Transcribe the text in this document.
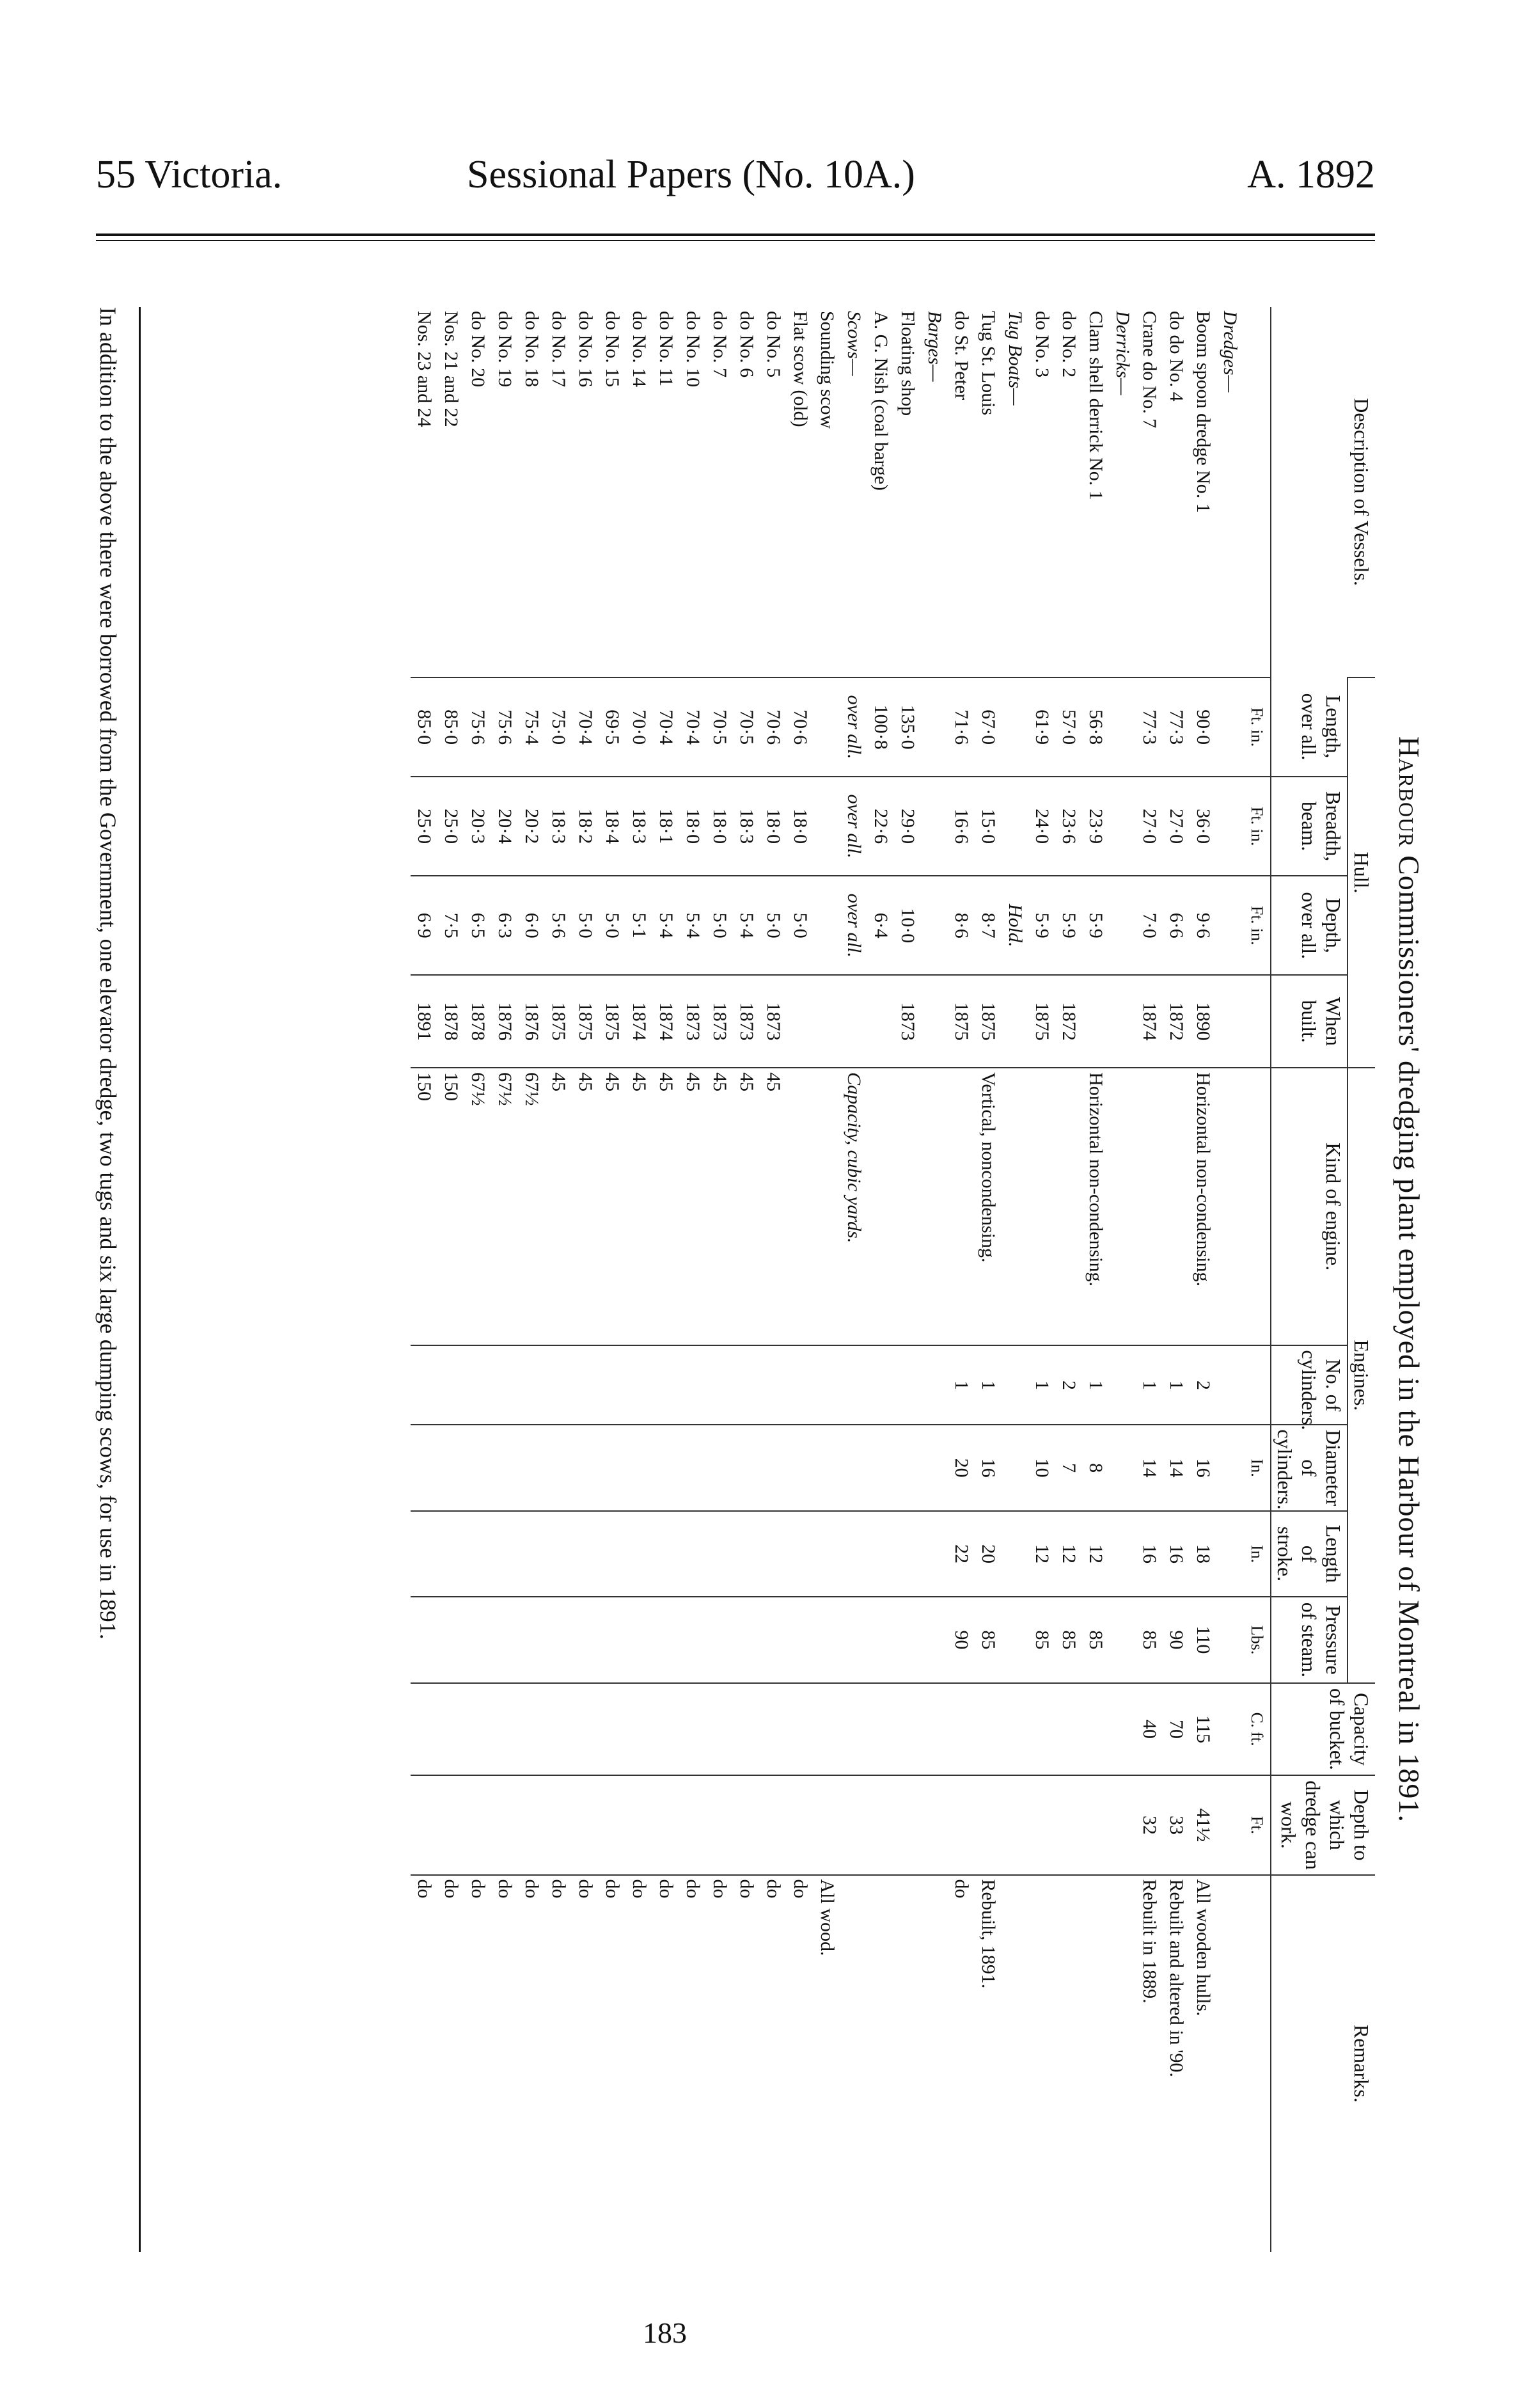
55 Victoria.	Sessional Papers (No. 10A.)	A. 1892
Harbour Commissioners' dredging plant employed in the Harbour of Montreal in 1891.
Description of Vessels.	Hull.				Engines.					Capacity of bucket.	Depth to which dredge can work.	Remarks.
	Length, over all.	Breadth, beam.	Depth, over all.	When built.	Kind of engine.	No. of cylinders.	Diameter of cylinders.	Length of stroke.	Pressure of steam.			
	Ft. in.	Ft. in.	Ft. in.				In.	In.	Lbs.	C. ft.	Ft.	
Dredges—												
Boom spoon dredge No. 1	90·0	36·0	9·6	1890	Horizontal non-condensing.	2	16	18	110	115	41½	All wooden hulls.
do do No. 4	77·3	27·0	6·6	1872		1	14	16	90	70	33	Rebuilt and altered in '90.
Crane do No. 7	77·3	27·0	7·0	1874		1	14	16	85	40	32	Rebuilt in 1889.
Derricks—												
Clam shell derrick No. 1	56·8	23·9	5·9		Horizontal non-condensing.	1	8	12	85			
do No. 2	57·0	23·6	5·9	1872		2	7	12	85			
do No. 3	61·9	24·0	5·9	1875		1	10	12	85			
Tug Boats—			Hold.									
Tug St. Louis	67·0	15·0	8·7	1875	Vertical, noncondensing.	1	16	20	85			Rebuilt, 1891.
do St. Peter	71·6	16·6	8·6	1875		1	20	22	90			do
Barges—												
Floating shop	135·0	29·0	10·0	1873								
A. G. Nish (coal barge)	100·8	22·6	6·4									
Scows—	over all.	over all.	over all.		Capacity, cubic yards.							
Sounding scow												All wood.
Flat scow (old)	70·6	18·0	5·0									do
do No. 5	70·6	18·0	5·0	1873	45							do
do No. 6	70·5	18·3	5·4	1873	45							do
do No. 7	70·5	18·0	5·0	1873	45							do
do No. 10	70·4	18·0	5·4	1873	45							do
do No. 11	70·4	18·1	5·4	1874	45							do
do No. 14	70·0	18·3	5·1	1874	45							do
do No. 15	69·5	18·4	5·0	1875	45							do
do No. 16	70·4	18·2	5·0	1875	45							do
do No. 17	75·0	18·3	5·6	1875	45							do
do No. 18	75·4	20·2	6·0	1876	67½							do
do No. 19	75·6	20·4	6·3	1876	67½							do
do No. 20	75·6	20·3	6·5	1878	67½							do
Nos. 21 and 22	85·0	25·0	7·5	1878	150							do
Nos. 23 and 24	85·0	25·0	6·9	1891	150							do
In addition to the above there were borrowed from the Government, one elevator dredge, two tugs and six large dumping scows, for use in 1891.
183
